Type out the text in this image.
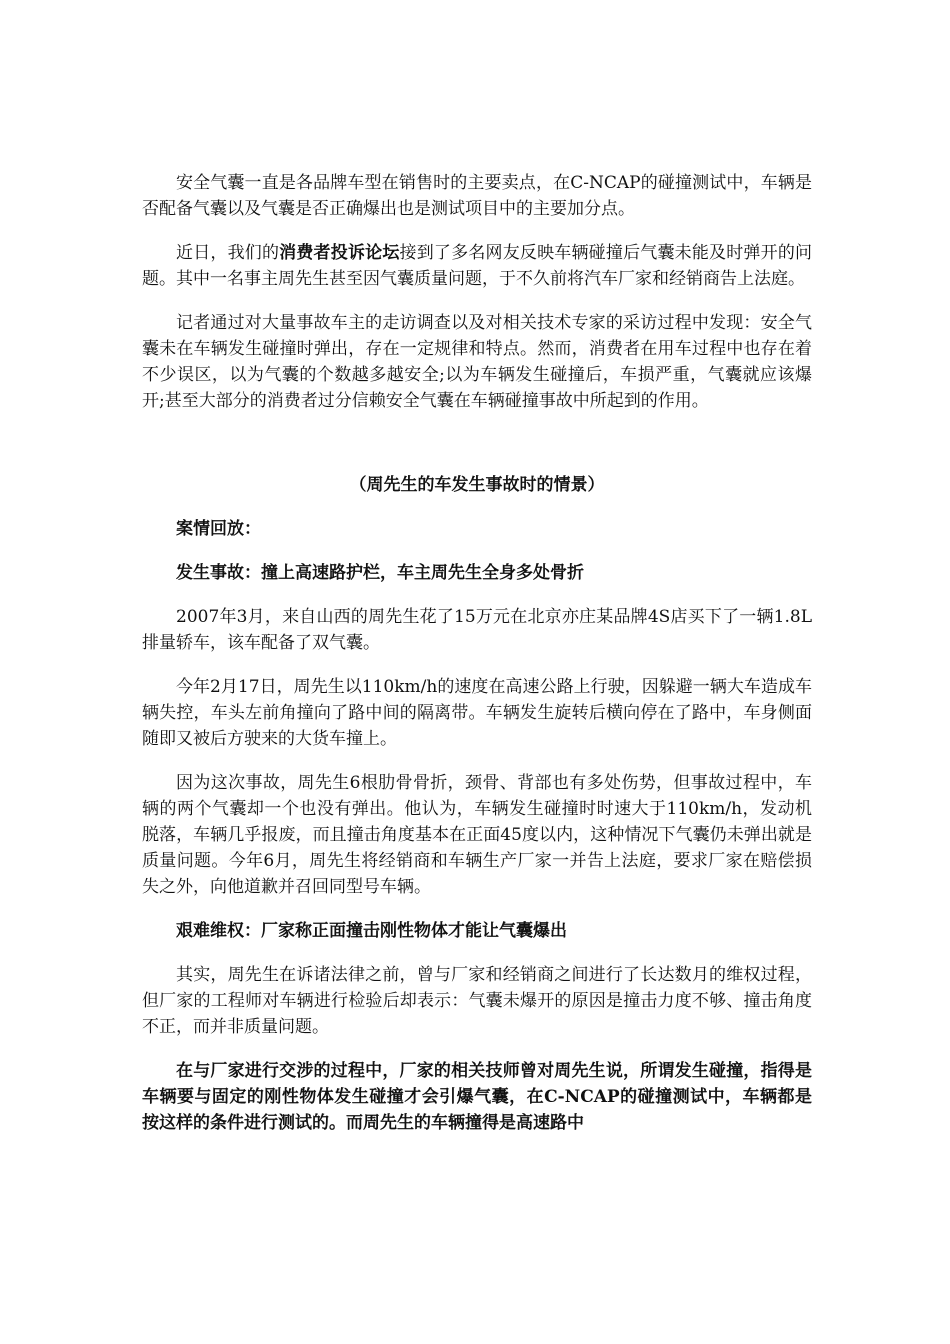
安全气囊一直是各品牌车型在销售时的主要卖点，在C-NCAP的碰撞测试中，车辆是否配备气囊以及气囊是否正确爆出也是测试项目中的主要加分点。

近日，我们的消费者投诉论坛接到了多名网友反映车辆碰撞后气囊未能及时弹开的问题。其中一名事主周先生甚至因气囊质量问题，于不久前将汽车厂家和经销商告上法庭。

记者通过对大量事故车主的走访调查以及对相关技术专家的采访过程中发现：安全气囊未在车辆发生碰撞时弹出，存在一定规律和特点。然而，消费者在用车过程中也存在着不少误区，以为气囊的个数越多越安全;以为车辆发生碰撞后，车损严重，气囊就应该爆开;甚至大部分的消费者过分信赖安全气囊在车辆碰撞事故中所起到的作用。

（周先生的车发生事故时的情景）

案情回放：

发生事故：撞上高速路护栏，车主周先生全身多处骨折

2007年3月，来自山西的周先生花了15万元在北京亦庄某品牌4S店买下了一辆1.8L排量轿车，该车配备了双气囊。

今年2月17日，周先生以110km/h的速度在高速公路上行驶，因躲避一辆大车造成车辆失控，车头左前角撞向了路中间的隔离带。车辆发生旋转后横向停在了路中，车身侧面随即又被后方驶来的大货车撞上。

因为这次事故，周先生6根肋骨骨折，颈骨、背部也有多处伤势，但事故过程中，车辆的两个气囊却一个也没有弹出。他认为，车辆发生碰撞时时速大于110km/h，发动机脱落，车辆几乎报废，而且撞击角度基本在正面45度以内，这种情况下气囊仍未弹出就是质量问题。今年6月，周先生将经销商和车辆生产厂家一并告上法庭，要求厂家在赔偿损失之外，向他道歉并召回同型号车辆。

艰难维权：厂家称正面撞击刚性物体才能让气囊爆出

其实，周先生在诉诸法律之前，曾与厂家和经销商之间进行了长达数月的维权过程，但厂家的工程师对车辆进行检验后却表示：气囊未爆开的原因是撞击力度不够、撞击角度不正，而并非质量问题。

在与厂家进行交涉的过程中，厂家的相关技师曾对周先生说，所谓发生碰撞，指得是车辆要与固定的刚性物体发生碰撞才会引爆气囊，在C-NCAP的碰撞测试中，车辆都是按这样的条件进行测试的。而周先生的车辆撞得是高速路中
